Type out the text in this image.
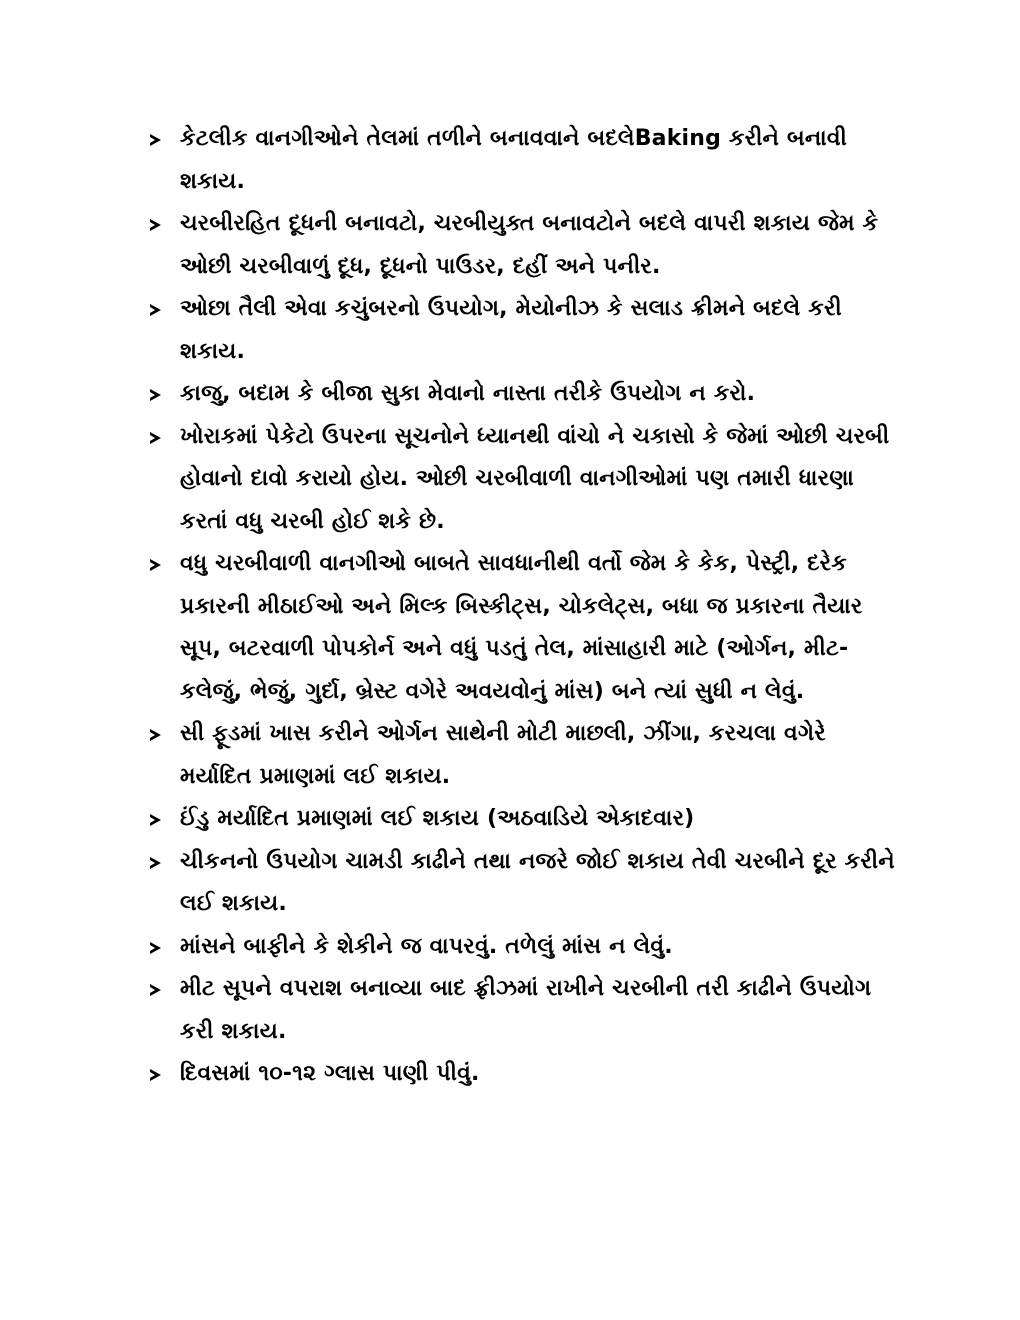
કેટલીક વાનગીઓને તેલમાં તળીને બનાવવાને બદલેBaking કરીને બનાવી શકાય.
ચરબીરહિત દૂધની બનાવટો, ચરબીયુક્ત બનાવટોને બદલે વાપરી શકાય જેમ કે ઓછી ચરબીવાળું દૂધ, દૂધનો પાઉડર, દહીં અને પનીર.
ઓછા તૈલી એવા કચુંબરનો ઉપયોગ, મેયોનીઝ કે સલાડ ક્રીમને બદલે કરી શકાય.
કાજુ, બદામ કે બીજા સુકા મેવાનો નાસ્તા તરીકે ઉપયોગ ન કરો.
ખોરાકમાં પેકેટો ઉપરના સૂચનોને ધ્યાનથી વાંચો ને ચકાસો કે જેમાં ઓછી ચરબી હોવાનો દાવો કરાયો હોય. ઓછી ચરબીવાળી વાનગીઓમાં પણ તમારી ધારણા કરતાં વધુ ચરબી હોઈ શકે છે.
વધુ ચરબીવાળી વાનગીઓ બાબતે સાવધાનીથી વર્તો જેમ કે કેક, પેસ્ટ્રી, દરેક પ્રકારની મીઠાઈઓ અને મિલ્ક બિસ્કીટ્સ, ચોકલેટ્સ, બધા જ પ્રકારના તૈયાર સૂપ, બટરવાળી પોપકોર્ન અને વધું પડતું તેલ, માંસાહારી માટે (ઓર્ગન, મીટ-કલેજું, ભેજું, ગુર્દા, બ્રેસ્ટ વગેરે અવયવોનું માંસ) બને ત્યાં સુધી ન લેવું.
સી ફૂડમાં ખાસ કરીને ઓર્ગન સાથેની મોટી માછલી, ઝીંગા, કરચલા વગેરે મર્યાદિત પ્રમાણમાં લઈ શકાય.
ઈંડુ મર્યાદિત પ્રમાણમાં લઈ શકાય (અઠવાડિયે એકાદવાર)
ચીકનનો ઉપયોગ ચામડી કાઢીને તથા નજરે જોઈ શકાય તેવી ચરબીને દૂર કરીને લઈ શકાય.
માંસને બાફીને કે શેકીને જ વાપરવું. તળેલું માંસ ન લેવું.
મીટ સૂપને વપરાશ બનાવ્યા બાદ ફ્રીઝમાં રાખીને ચરબીની તરી કાઢીને ઉપયોગ કરી શકાય.
દિવસમાં ૧૦-૧૨ ગ્લાસ પાણી પીવું.
